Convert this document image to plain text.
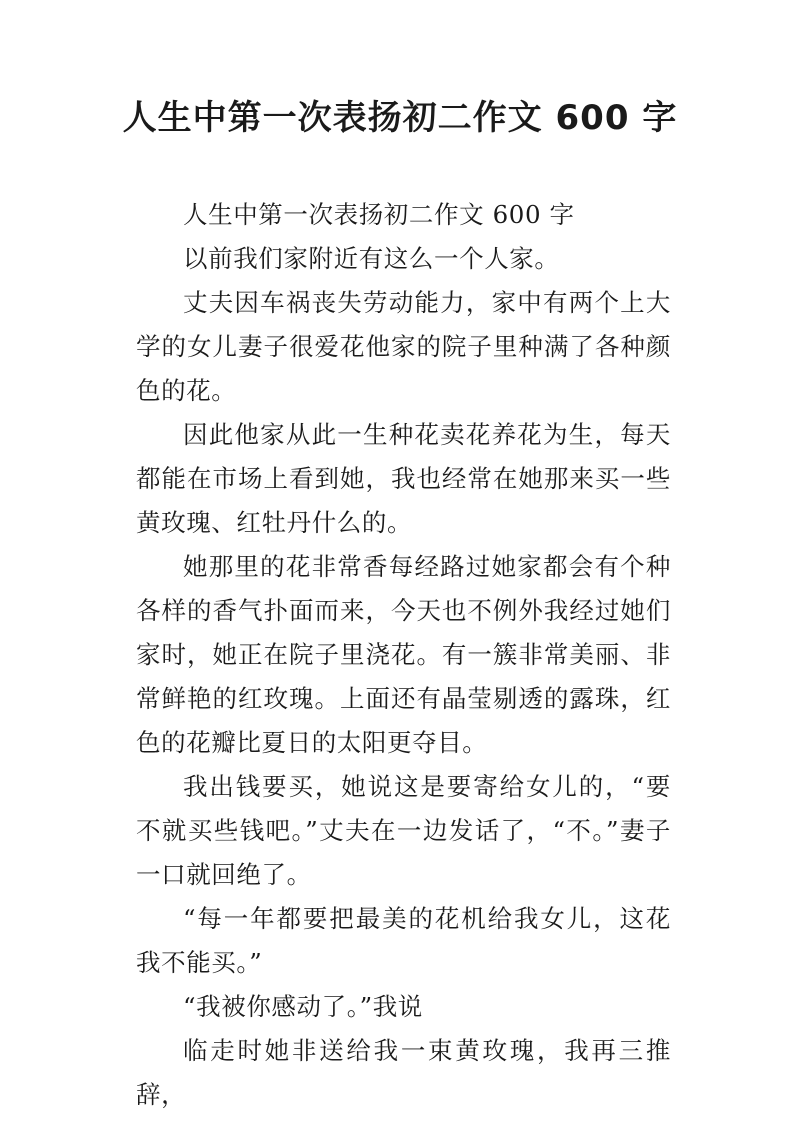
人生中第一次表扬初二作文 600 字

人生中第一次表扬初二作文 600 字

以前我们家附近有这么一个人家。

丈夫因车祸丧失劳动能力，家中有两个上大学的女儿妻子很爱花他家的院子里种满了各种颜色的花。

因此他家从此一生种花卖花养花为生，每天都能在市场上看到她，我也经常在她那来买一些黄玫瑰、红牡丹什么的。

她那里的花非常香每经路过她家都会有个种各样的香气扑面而来，今天也不例外我经过她们家时，她正在院子里浇花。有一簇非常美丽、非常鲜艳的红玫瑰。上面还有晶莹剔透的露珠，红色的花瓣比夏日的太阳更夺目。

我出钱要买，她说这是要寄给女儿的，“要不就买些钱吧。”丈夫在一边发话了，“不。”妻子一口就回绝了。

“每一年都要把最美的花机给我女儿，这花我不能买。”

“我被你感动了。”我说

临走时她非送给我一束黄玫瑰，我再三推辞，
